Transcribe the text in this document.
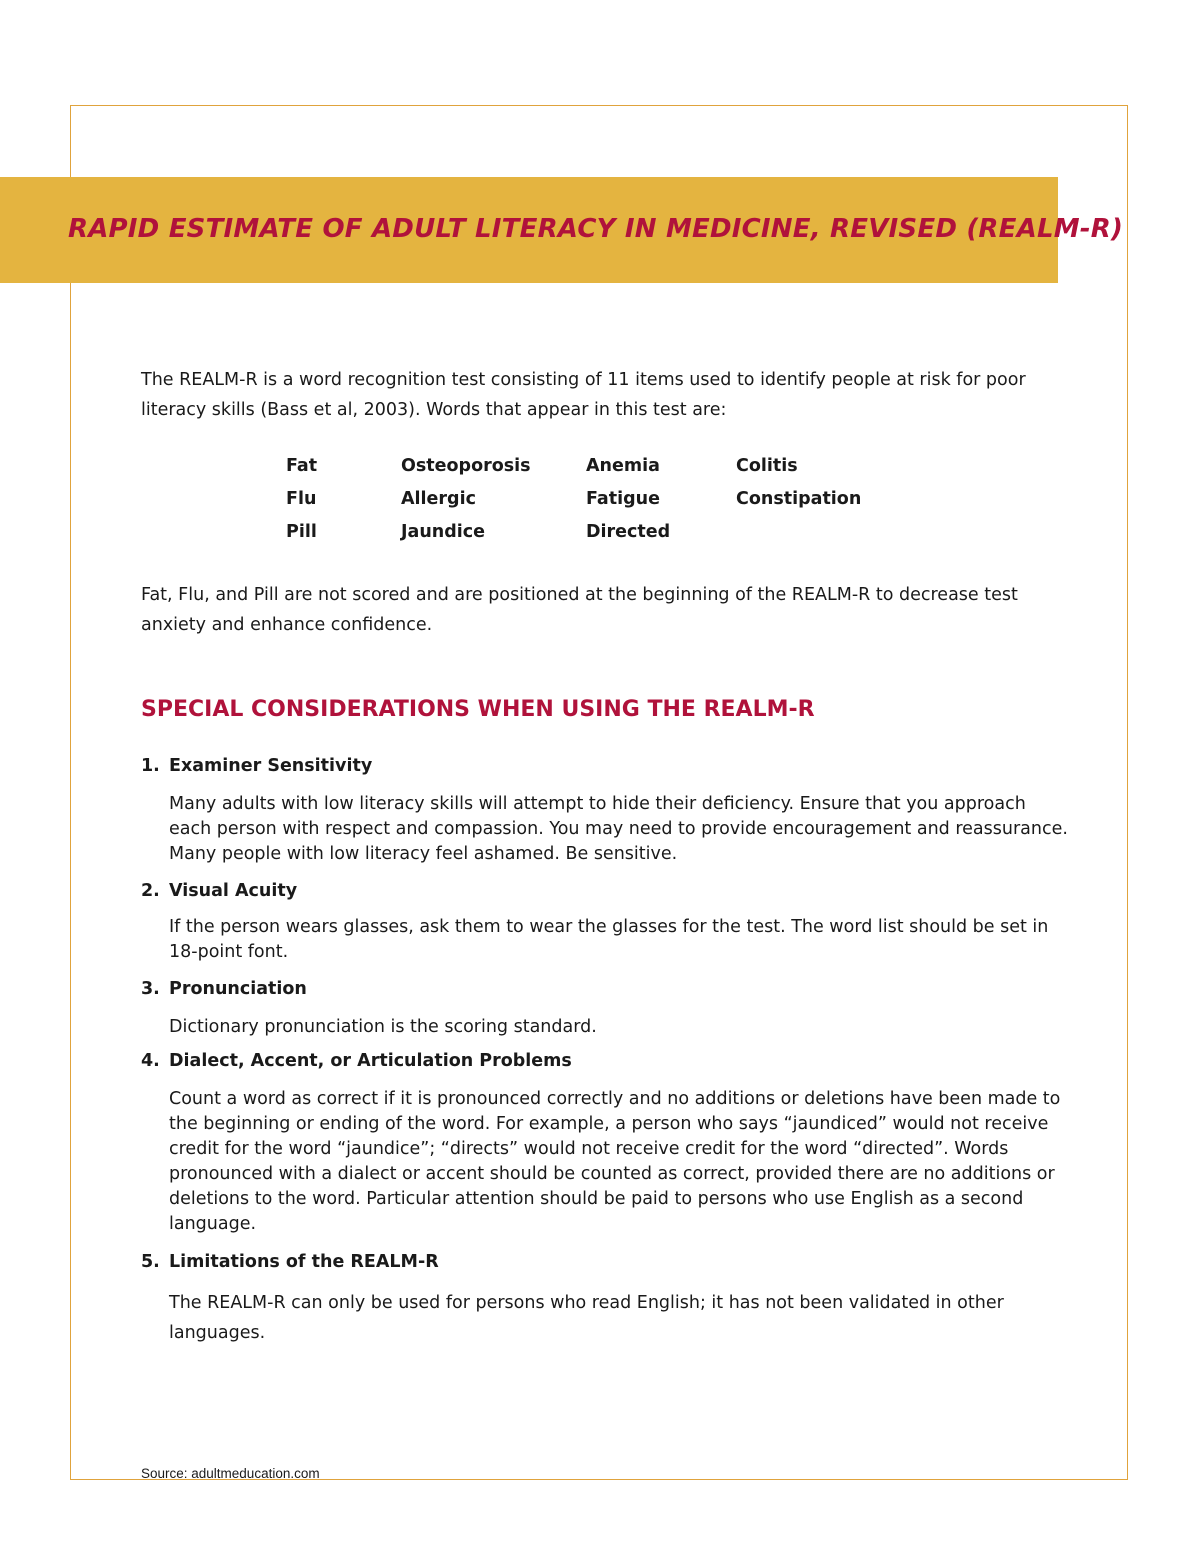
RAPID ESTIMATE OF ADULT LITERACY IN MEDICINE, REVISED (REALM-R)

The REALM-R is a word recognition test consisting of 11 items used to identify people at risk for poor literacy skills (Bass et al, 2003). Words that appear in this test are:

Fat	Osteoporosis	Anemia	Colitis
Flu	Allergic	Fatigue	Constipation
Pill	Jaundice	Directed

Fat, Flu, and Pill are not scored and are positioned at the beginning of the REALM-R to decrease test anxiety and enhance confidence.

SPECIAL CONSIDERATIONS WHEN USING THE REALM-R

1. Examiner Sensitivity

Many adults with low literacy skills will attempt to hide their deficiency. Ensure that you approach each person with respect and compassion. You may need to provide encouragement and reassurance. Many people with low literacy feel ashamed. Be sensitive.

2. Visual Acuity

If the person wears glasses, ask them to wear the glasses for the test. The word list should be set in 18-point font.

3. Pronunciation

Dictionary pronunciation is the scoring standard.

4. Dialect, Accent, or Articulation Problems

Count a word as correct if it is pronounced correctly and no additions or deletions have been made to the beginning or ending of the word. For example, a person who says “jaundiced” would not receive credit for the word “jaundice”; “directs” would not receive credit for the word “directed”. Words pronounced with a dialect or accent should be counted as correct, provided there are no additions or deletions to the word. Particular attention should be paid to persons who use English as a second language.

5. Limitations of the REALM-R

The REALM-R can only be used for persons who read English; it has not been validated in other languages.

Source: adultmeducation.com
